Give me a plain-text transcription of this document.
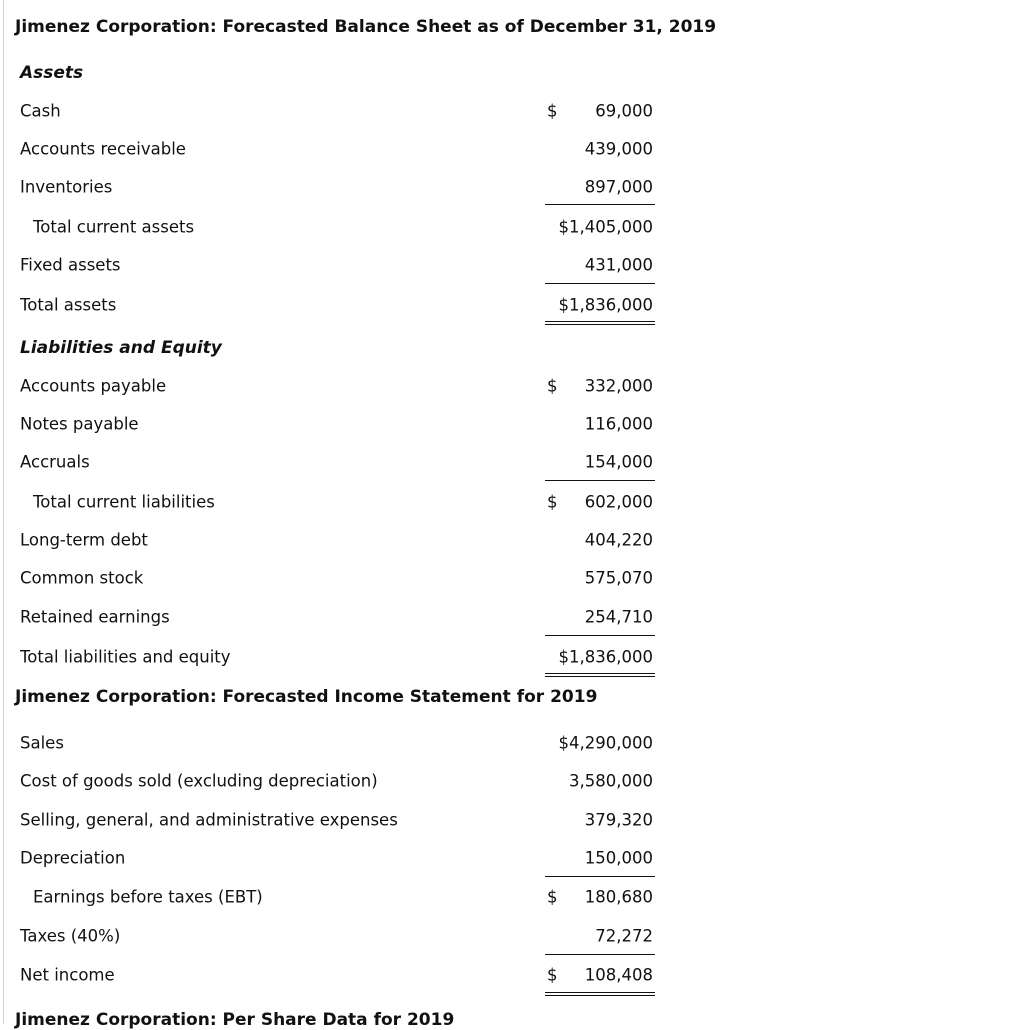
Jimenez Corporation: Forecasted Balance Sheet as of December 31, 2019
Assets
Cash	$ 69,000
Accounts receivable	439,000
Inventories	897,000
Total current assets	$1,405,000
Fixed assets	431,000
Total assets	$1,836,000
Liabilities and Equity
Accounts payable	$ 332,000
Notes payable	116,000
Accruals	154,000
Total current liabilities	$ 602,000
Long-term debt	404,220
Common stock	575,070
Retained earnings	254,710
Total liabilities and equity	$1,836,000
Jimenez Corporation: Forecasted Income Statement for 2019
Sales	$4,290,000
Cost of goods sold (excluding depreciation)	3,580,000
Selling, general, and administrative expenses	379,320
Depreciation	150,000
Earnings before taxes (EBT)	$ 180,680
Taxes (40%)	72,272
Net income	$ 108,408
Jimenez Corporation: Per Share Data for 2019
